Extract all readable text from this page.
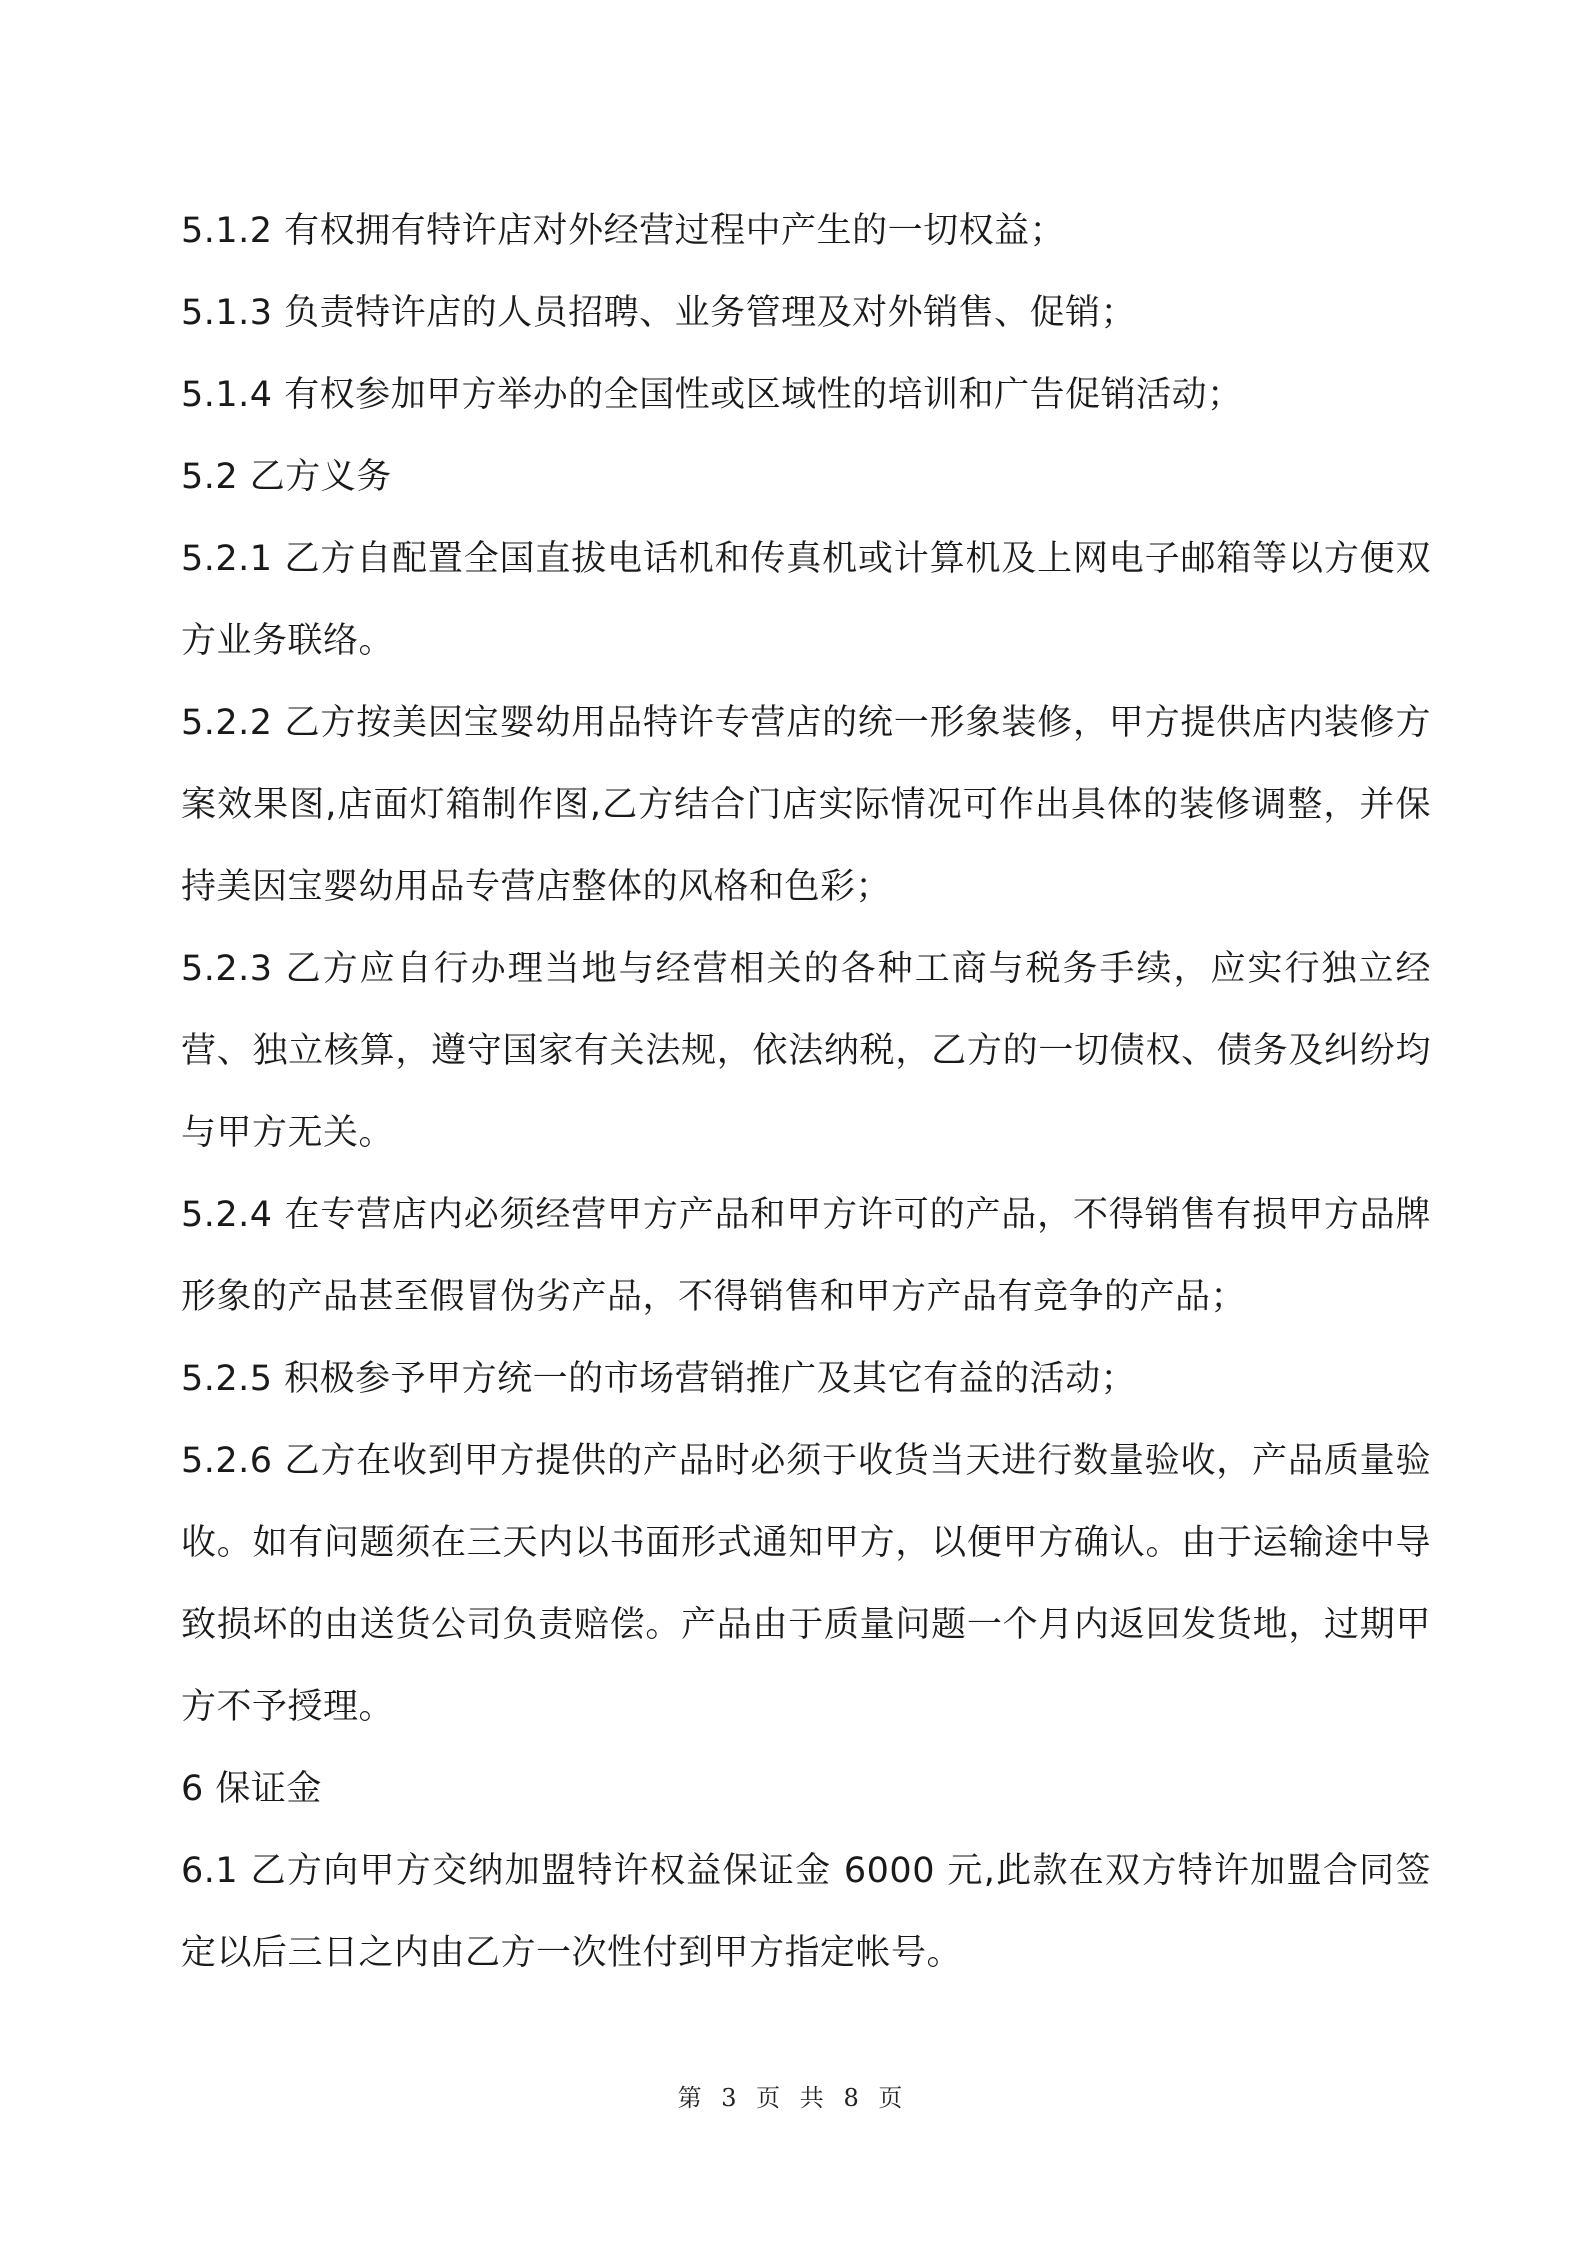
5.1.2 有权拥有特许店对外经营过程中产生的一切权益；

5.1.3 负责特许店的人员招聘、业务管理及对外销售、促销；

5.1.4 有权参加甲方举办的全国性或区域性的培训和广告促销活动；

5.2 乙方义务

5.2.1 乙方自配置全国直拔电话机和传真机或计算机及上网电子邮箱等以方便双方业务联络。

5.2.2 乙方按美因宝婴幼用品特许专营店的统一形象装修，甲方提供店内装修方案效果图,店面灯箱制作图,乙方结合门店实际情况可作出具体的装修调整，并保持美因宝婴幼用品专营店整体的风格和色彩；

5.2.3 乙方应自行办理当地与经营相关的各种工商与税务手续，应实行独立经营、独立核算，遵守国家有关法规，依法纳税，乙方的一切债权、债务及纠纷均与甲方无关。

5.2.4 在专营店内必须经营甲方产品和甲方许可的产品，不得销售有损甲方品牌形象的产品甚至假冒伪劣产品，不得销售和甲方产品有竞争的产品；

5.2.5 积极参予甲方统一的市场营销推广及其它有益的活动；

5.2.6 乙方在收到甲方提供的产品时必须于收货当天进行数量验收，产品质量验收。如有问题须在三天内以书面形式通知甲方，以便甲方确认。由于运输途中导致损坏的由送货公司负责赔偿。产品由于质量问题一个月内返回发货地，过期甲方不予授理。

6 保证金

6.1 乙方向甲方交纳加盟特许权益保证金 6000 元,此款在双方特许加盟合同签定以后三日之内由乙方一次性付到甲方指定帐号。

第 3 页 共 8 页
